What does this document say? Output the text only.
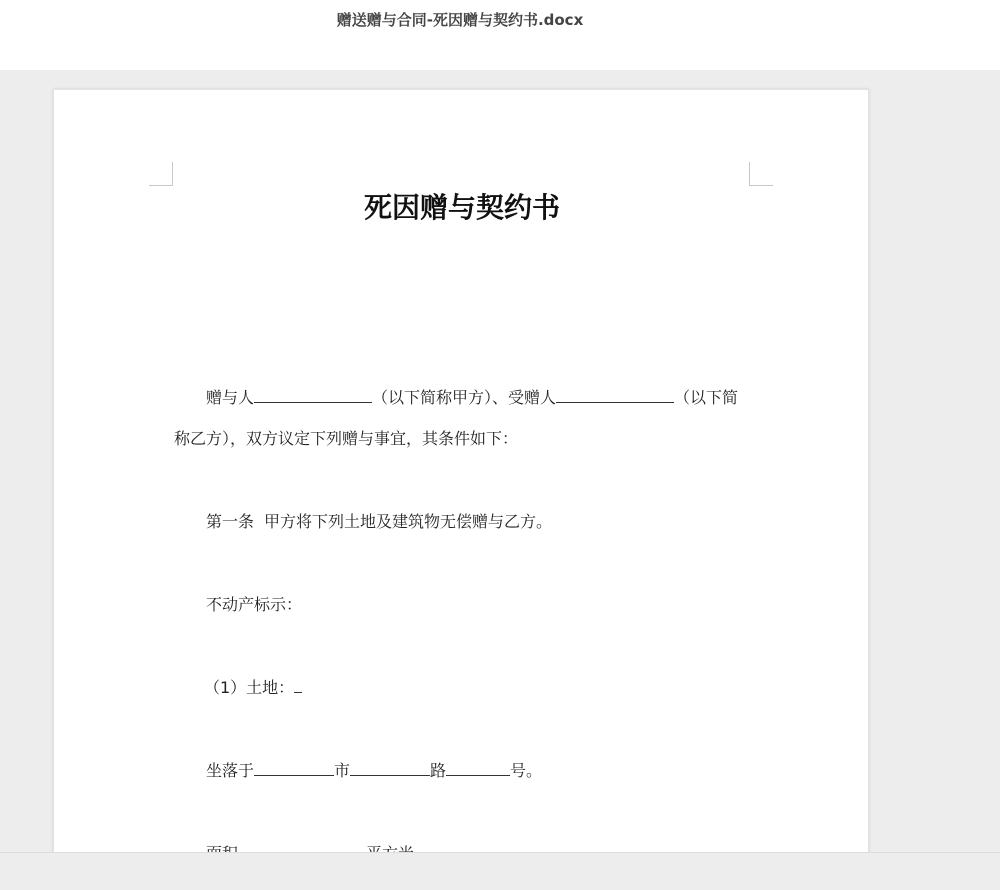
赠送赠与合同-死因赠与契约书.docx
死因赠与契约书
赠与人	（以下简称甲方）、受赠人	（以下简
称乙方），双方议定下列赠与事宜，其条件如下：
第一条 甲方将下列土地及建筑物无偿赠与乙方。
不动产标示：
（1）土地：
坐落于	市	路	号。
